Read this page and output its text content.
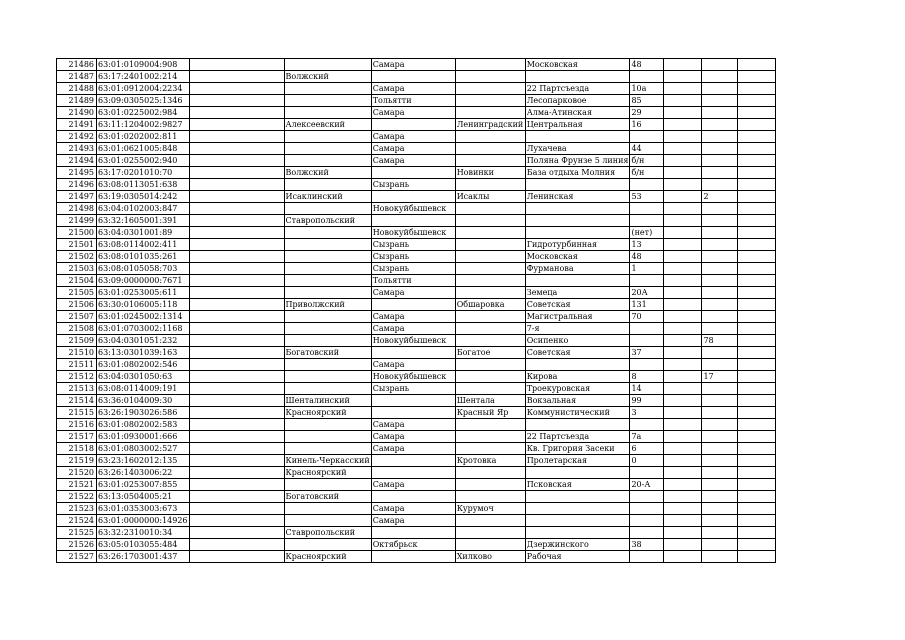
21486	63:01:0109004:908			Самара		Московская	48			
21487	63:17:2401002:214		Волжский							
21488	63:01:0912004:2234			Самара		22 Партсъезда	10а			
21489	63:09:0305025:1346			Тольятти		Лесопарковое	85			
21490	63:01:0225002:984			Самара		Алма-Атинская	29			
21491	63:11:1204002:9827		Алексеевский		Ленинградский	Центральная	16			
21492	63:01:0202002:811			Самара						
21493	63:01:0621005:848			Самара		Лухачева	44			
21494	63:01:0255002:940			Самара		Поляна Фрунзе 5 линия	б/н			
21495	63:17:0201010:70		Волжский		Новинки	База отдыха Молния	б/н			
21496	63:08:0113051:638			Сызрань						
21497	63:19:0305014:242		Исаклинский		Исаклы	Ленинская	53		2	
21498	63:04:0102003:847			Новокуйбышевск						
21499	63:32:1605001:391		Ставропольский							
21500	63:04:0301001:89			Новокуйбышевск			(нет)			
21501	63:08:0114002:411			Сызрань		Гидротурбинная	13			
21502	63:08:0101035:261			Сызрань		Московская	48			
21503	63:08:0105058:703			Сызрань		Фурманова	1			
21504	63:09:0000000:7671			Тольятти						
21505	63:01:0253005:611			Самара		Земеца	20А			
21506	63:30:0106005:118		Приволжский		Обшаровка	Советская	131			
21507	63:01:0245002:1314			Самара		Магистральная	70			
21508	63:01:0703002:1168			Самара		7-я				
21509	63:04:0301051:232			Новокуйбышевск		Осипенко			78	
21510	63:13:0301039:163		Богатовский		Богатое	Советская	37			
21511	63:01:0802002:546			Самара						
21512	63:04:0301050:63			Новокуйбышевск		Кирова	8		17	
21513	63:08:0114009:191			Сызрань		Троекуровская	14			
21514	63:36:0104009:30		Шенталинский		Шентала	Вокзальная	99			
21515	63:26:1903026:586		Красноярский		Красный Яр	Коммунистический	3			
21516	63:01:0802002:583			Самара						
21517	63:01:0930001:666			Самара		22 Партсъезда	7а			
21518	63:01:0803002:527			Самара		Кв. Григория Засеки	6			
21519	63:23:1602012:135		Кинель-Черкасский		Кротовка	Пролетарская	0			
21520	63:26:1403006:22		Красноярский							
21521	63:01:0253007:855			Самара		Псковская	20-А			
21522	63:13:0504005:21		Богатовский							
21523	63:01:0353003:673			Самара	Курумоч					
21524	63:01:0000000:14926			Самара						
21525	63:32:2310010:34		Ставропольский							
21526	63:05:0103055:484			Октябрьск		Дзержинского	38			
21527	63:26:1703001:437		Красноярский		Хилково	Рабочая				
